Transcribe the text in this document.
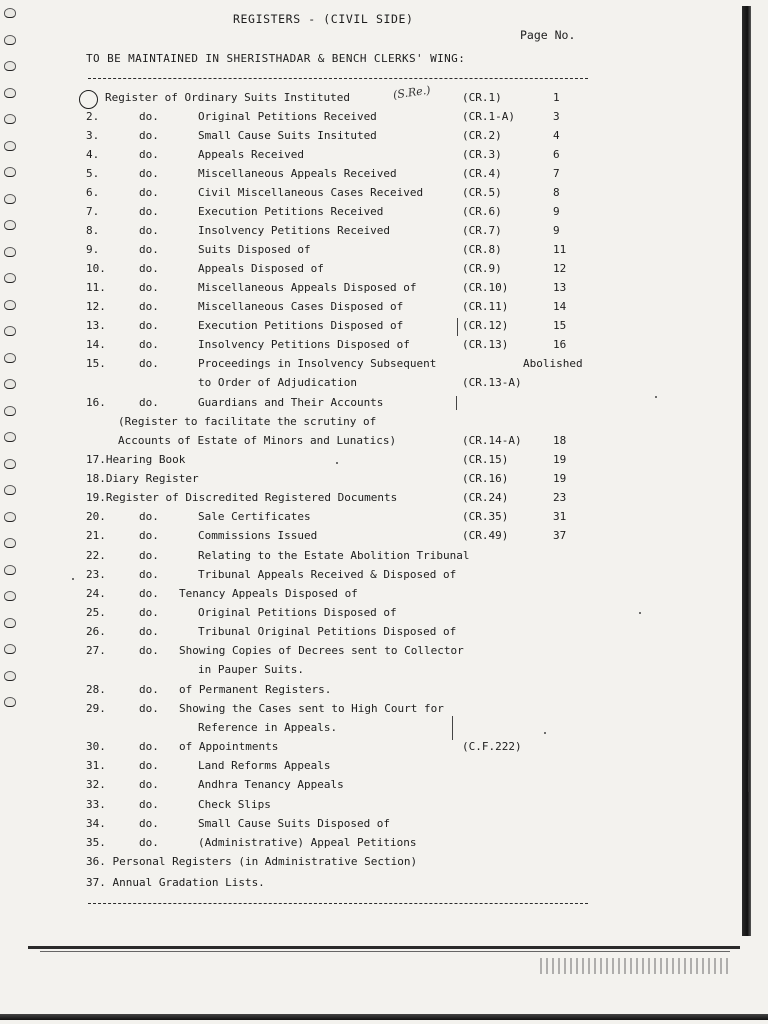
REGISTERS - (CIVIL SIDE)
Page No.
TO BE MAINTAINED IN SHERISTHADAR & BENCH CLERKS' WING:
(S.Re.)
Register of Ordinary Suits Instituted	(CR.1)	1
2.	do.	Original Petitions Received	(CR.1-A)	3
3.	do.	Small Cause Suits Insituted	(CR.2)	4
4.	do.	Appeals Received	(CR.3)	6
5.	do.	Miscellaneous Appeals Received	(CR.4)	7
6.	do.	Civil Miscellaneous Cases Received	(CR.5)	8
7.	do.	Execution Petitions Received	(CR.6)	9
8.	do.	Insolvency Petitions Received	(CR.7)	9
9.	do.	Suits Disposed of	(CR.8)	11
10.	do.	Appeals Disposed of	(CR.9)	12
11.	do.	Miscellaneous Appeals Disposed of	(CR.10)	13
12.	do.	Miscellaneous Cases Disposed of	(CR.11)	14
13.	do.	Execution Petitions Disposed of	(CR.12)	15
14.	do.	Insolvency Petitions Disposed of	(CR.13)	16
15.	do.	Proceedings in Insolvency Subsequent	Abolished
to Order of Adjudication	(CR.13-A)
16.	do.	Guardians and Their Accounts
(Register to facilitate the scrutiny of
Accounts of Estate of Minors and Lunatics)	(CR.14-A)	18
17.Hearing Book	(CR.15)	19
18.Diary Register	(CR.16)	19
19.Register of Discredited Registered Documents	(CR.24)	23
20.	do.	Sale Certificates	(CR.35)	31
21.	do.	Commissions Issued	(CR.49)	37
22.	do.	Relating to the Estate Abolition Tribunal
23.	do.	Tribunal Appeals Received & Disposed of
24.	do. Tenancy Appeals Disposed of
25.	do.	Original Petitions Disposed of
26.	do.	Tribunal Original Petitions Disposed of
27.	do. Showing Copies of Decrees sent to Collector
in Pauper Suits.
28.	do. of Permanent Registers.
29.	do. Showing the Cases sent to High Court for
Reference in Appeals.
30.	do. of Appointments	(C.F.222)
31.	do.	Land Reforms Appeals
32.	do.	Andhra Tenancy Appeals
33.	do.	Check Slips
34.	do.	Small Cause Suits Disposed of
35.	do.	(Administrative) Appeal Petitions
36. Personal Registers (in Administrative Section)
37. Annual Gradation Lists.
